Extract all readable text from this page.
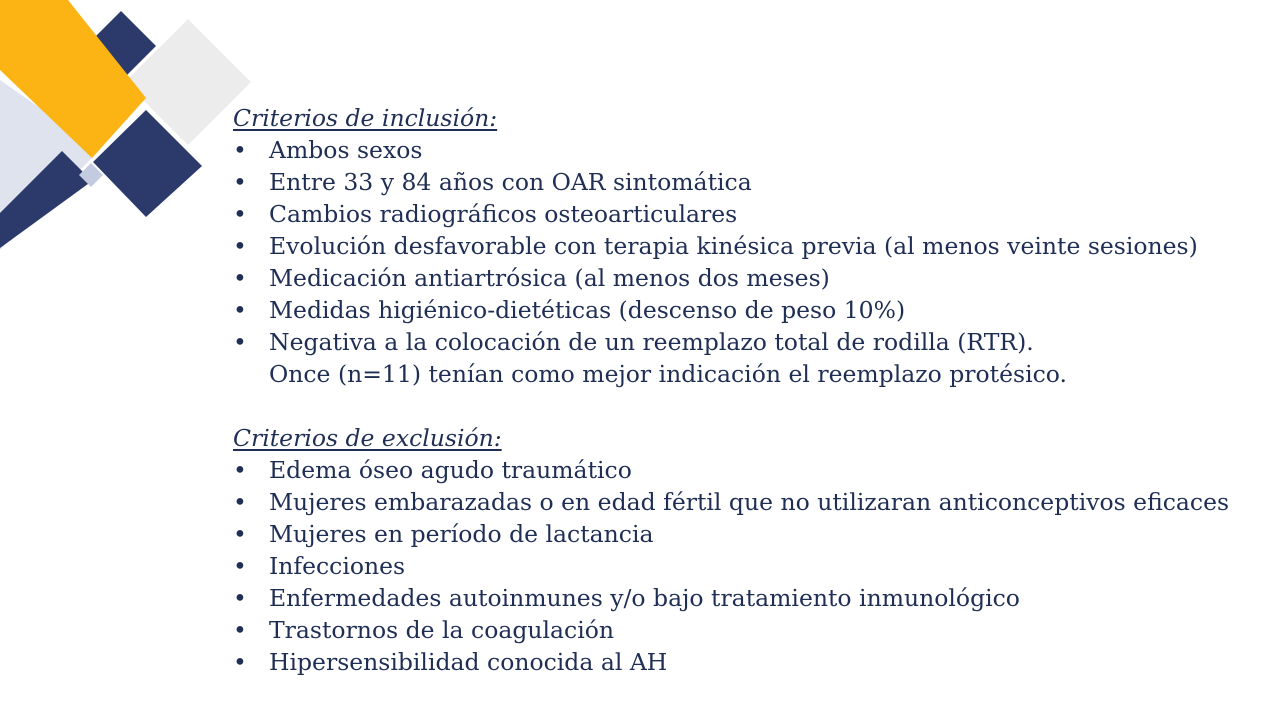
Criterios de inclusión:

• Ambos sexos
• Entre 33 y 84 años con OAR sintomática
• Cambios radiográficos osteoarticulares
• Evolución desfavorable con terapia kinésica previa (al menos veinte sesiones)
• Medicación antiartrósica (al menos dos meses)
• Medidas higiénico-dietéticas (descenso de peso 10%)
• Negativa a la colocación de un reemplazo total de rodilla (RTR).
Once (n=11) tenían como mejor indicación el reemplazo protésico.

Criterios de exclusión:

• Edema óseo agudo traumático
• Mujeres embarazadas o en edad fértil que no utilizaran anticonceptivos eficaces
• Mujeres en período de lactancia
• Infecciones
• Enfermedades autoinmunes y/o bajo tratamiento inmunológico
• Trastornos de la coagulación
• Hipersensibilidad conocida al AH
